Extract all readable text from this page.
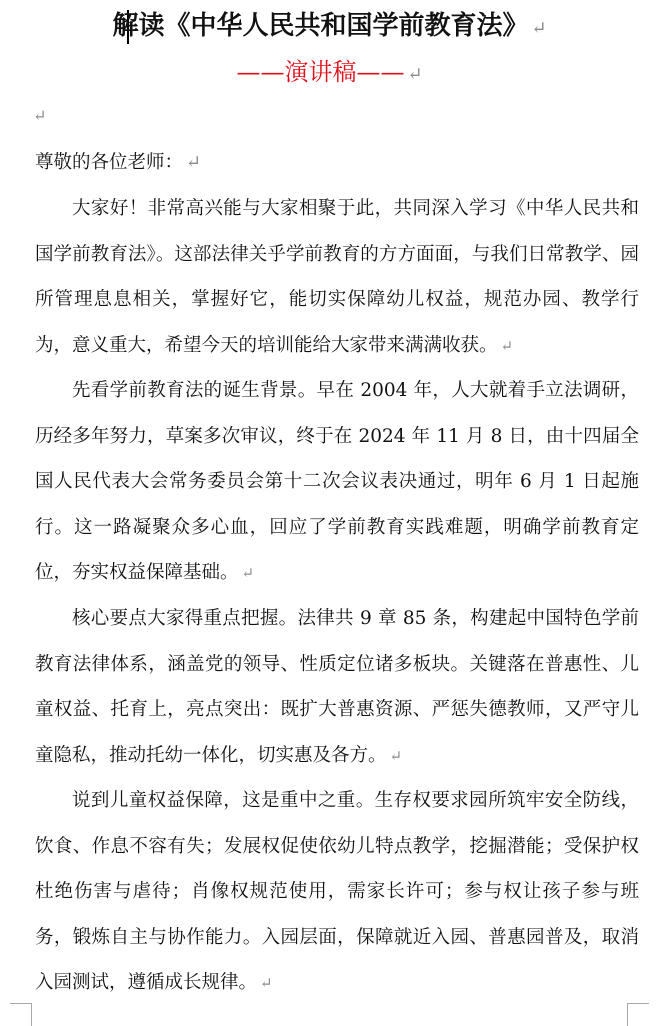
解读《中华人民共和国学前教育法》 ↵
——演讲稿—— ↵
↵
尊敬的各位老师： ↵

大家好！非常高兴能与大家相聚于此，共同深入学习《中华人民共和国学前教育法》。这部法律关乎学前教育的方方面面，与我们日常教学、园所管理息息相关，掌握好它，能切实保障幼儿权益，规范办园、教学行为，意义重大，希望今天的培训能给大家带来满满收获。 ↵

先看学前教育法的诞生背景。早在 2004 年，人大就着手立法调研，历经多年努力，草案多次审议，终于在 2024 年 11 月 8 日，由十四届全国人民代表大会常务委员会第十二次会议表决通过，明年 6 月 1 日起施行。这一路凝聚众多心血，回应了学前教育实践难题，明确学前教育定位，夯实权益保障基础。 ↵

核心要点大家得重点把握。法律共 9 章 85 条，构建起中国特色学前教育法律体系，涵盖党的领导、性质定位诸多板块。关键落在普惠性、儿童权益、托育上，亮点突出：既扩大普惠资源、严惩失德教师，又严守儿童隐私，推动托幼一体化，切实惠及各方。 ↵

说到儿童权益保障，这是重中之重。生存权要求园所筑牢安全防线，饮食、作息不容有失；发展权促使依幼儿特点教学，挖掘潜能；受保护权杜绝伤害与虐待；肖像权规范使用，需家长许可；参与权让孩子参与班务，锻炼自主与协作能力。入园层面，保障就近入园、普惠园普及，取消入园测试，遵循成长规律。 ↵
